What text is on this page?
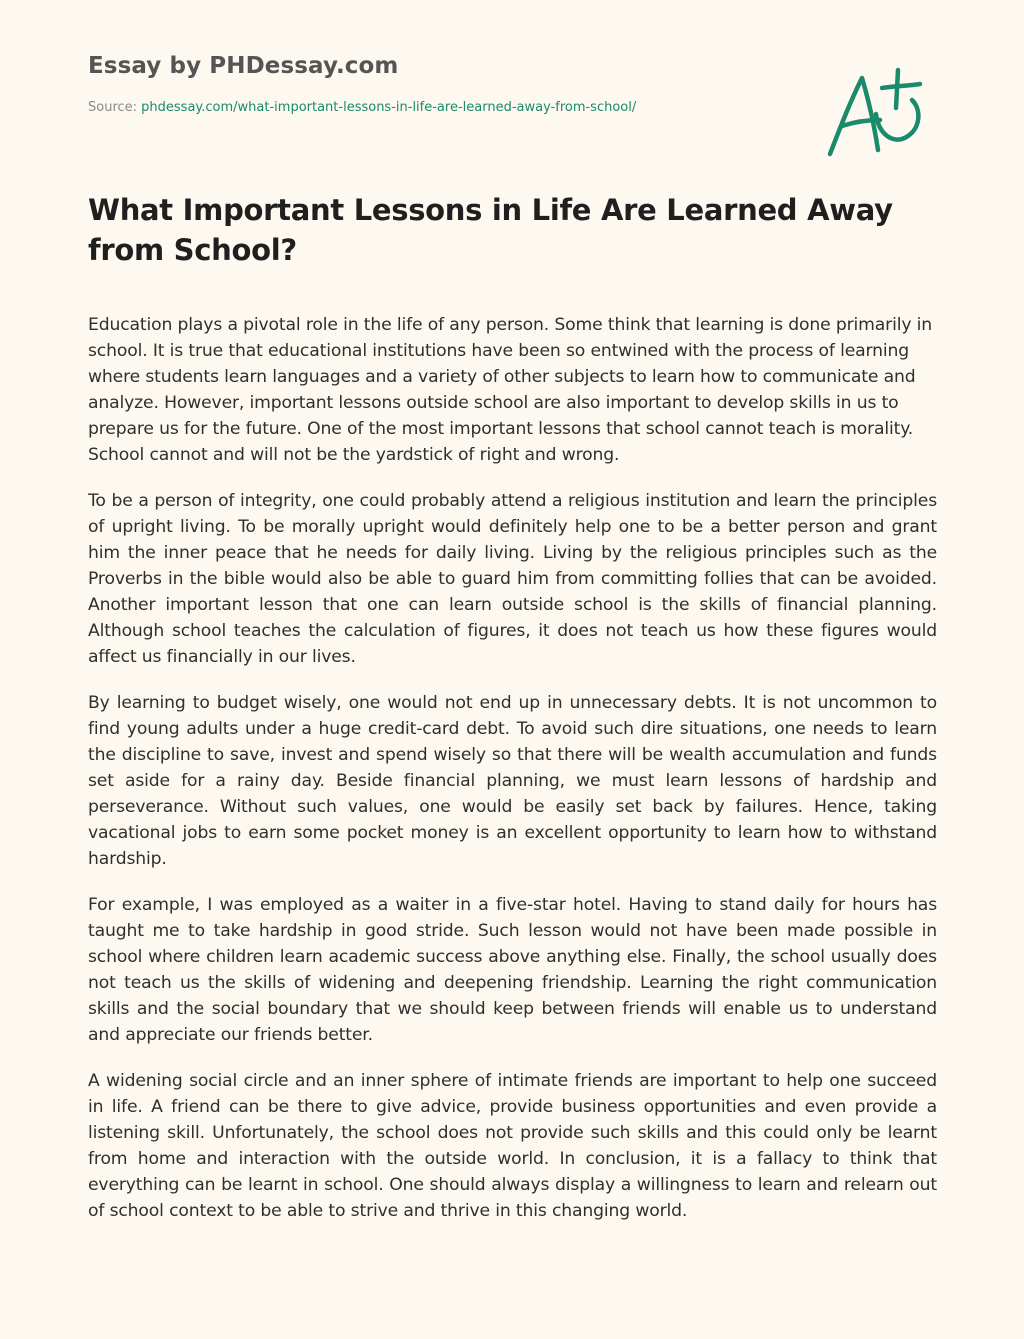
Essay by PHDessay.com
Source: phdessay.com/what-important-lessons-in-life-are-learned-away-from-school/
What Important Lessons in Life Are Learned Away from School?

Education plays a pivotal role in the life of any person. Some think that learning is done primarily in school. It is true that educational institutions have been so entwined with the process of learning where students learn languages and a variety of other subjects to learn how to communicate and analyze. However, important lessons outside school are also important to develop skills in us to prepare us for the future. One of the most important lessons that school cannot teach is morality. School cannot and will not be the yardstick of right and wrong.

To be a person of integrity, one could probably attend a religious institution and learn the principles of upright living. To be morally upright would definitely help one to be a better person and grant him the inner peace that he needs for daily living. Living by the religious principles such as the Proverbs in the bible would also be able to guard him from committing follies that can be avoided. Another important lesson that one can learn outside school is the skills of financial planning. Although school teaches the calculation of figures, it does not teach us how these figures would affect us financially in our lives.

By learning to budget wisely, one would not end up in unnecessary debts. It is not uncommon to find young adults under a huge credit-card debt. To avoid such dire situations, one needs to learn the discipline to save, invest and spend wisely so that there will be wealth accumulation and funds set aside for a rainy day. Beside financial planning, we must learn lessons of hardship and perseverance. Without such values, one would be easily set back by failures. Hence, taking vacational jobs to earn some pocket money is an excellent opportunity to learn how to withstand hardship.

For example, I was employed as a waiter in a five-star hotel. Having to stand daily for hours has taught me to take hardship in good stride. Such lesson would not have been made possible in school where children learn academic success above anything else. Finally, the school usually does not teach us the skills of widening and deepening friendship. Learning the right communication skills and the social boundary that we should keep between friends will enable us to understand and appreciate our friends better.

A widening social circle and an inner sphere of intimate friends are important to help one succeed in life. A friend can be there to give advice, provide business opportunities and even provide a listening skill. Unfortunately, the school does not provide such skills and this could only be learnt from home and interaction with the outside world. In conclusion, it is a fallacy to think that everything can be learnt in school. One should always display a willingness to learn and relearn out of school context to be able to strive and thrive in this changing world.
